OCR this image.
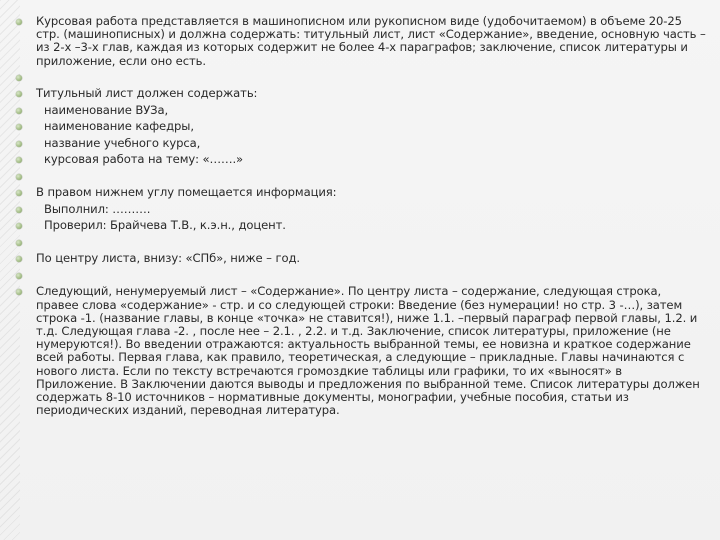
Курсовая работа представляется в машинописном или рукописном виде (удобочитаемом) в объеме 20-25 стр. (машинописных) и должна содержать: титульный лист, лист «Содержание», введение, основную часть – из 2-х –3-х глав, каждая из которых содержит не более 4-х параграфов; заключение, список литературы и приложение, если оно есть.
Титульный лист должен содержать:
наименование ВУЗа,
наименование кафедры,
название учебного курса,
курсовая работа на тему: «…….»
В правом нижнем углу помещается информация:
Выполнил: ……….
Проверил: Брайчева Т.В., к.э.н., доцент.
По центру листа, внизу: «СПб», ниже – год.
Следующий, ненумеруемый лист – «Содержание». По центру листа – содержание, следующая строка, правее слова «содержание» - стр. и со следующей строки: Введение (без нумерации! но стр. 3 -…), затем строка -1. (название главы, в конце «точка» не ставится!), ниже 1.1. –первый параграф первой главы, 1.2. и т.д. Следующая глава -2. , после нее – 2.1. , 2.2. и т.д. Заключение, список литературы, приложение (не нумеруются!). Во введении отражаются: актуальность выбранной темы, ее новизна и краткое содержание всей работы. Первая глава, как правило, теоретическая, а следующие – прикладные. Главы начинаются с нового листа. Если по тексту встречаются громоздкие таблицы или графики, то их «выносят» в Приложение. В Заключении даются выводы и предложения по выбранной теме. Список литературы должен содержать 8-10 источников – нормативные документы, монографии, учебные пособия, статьи из периодических изданий, переводная литература.
